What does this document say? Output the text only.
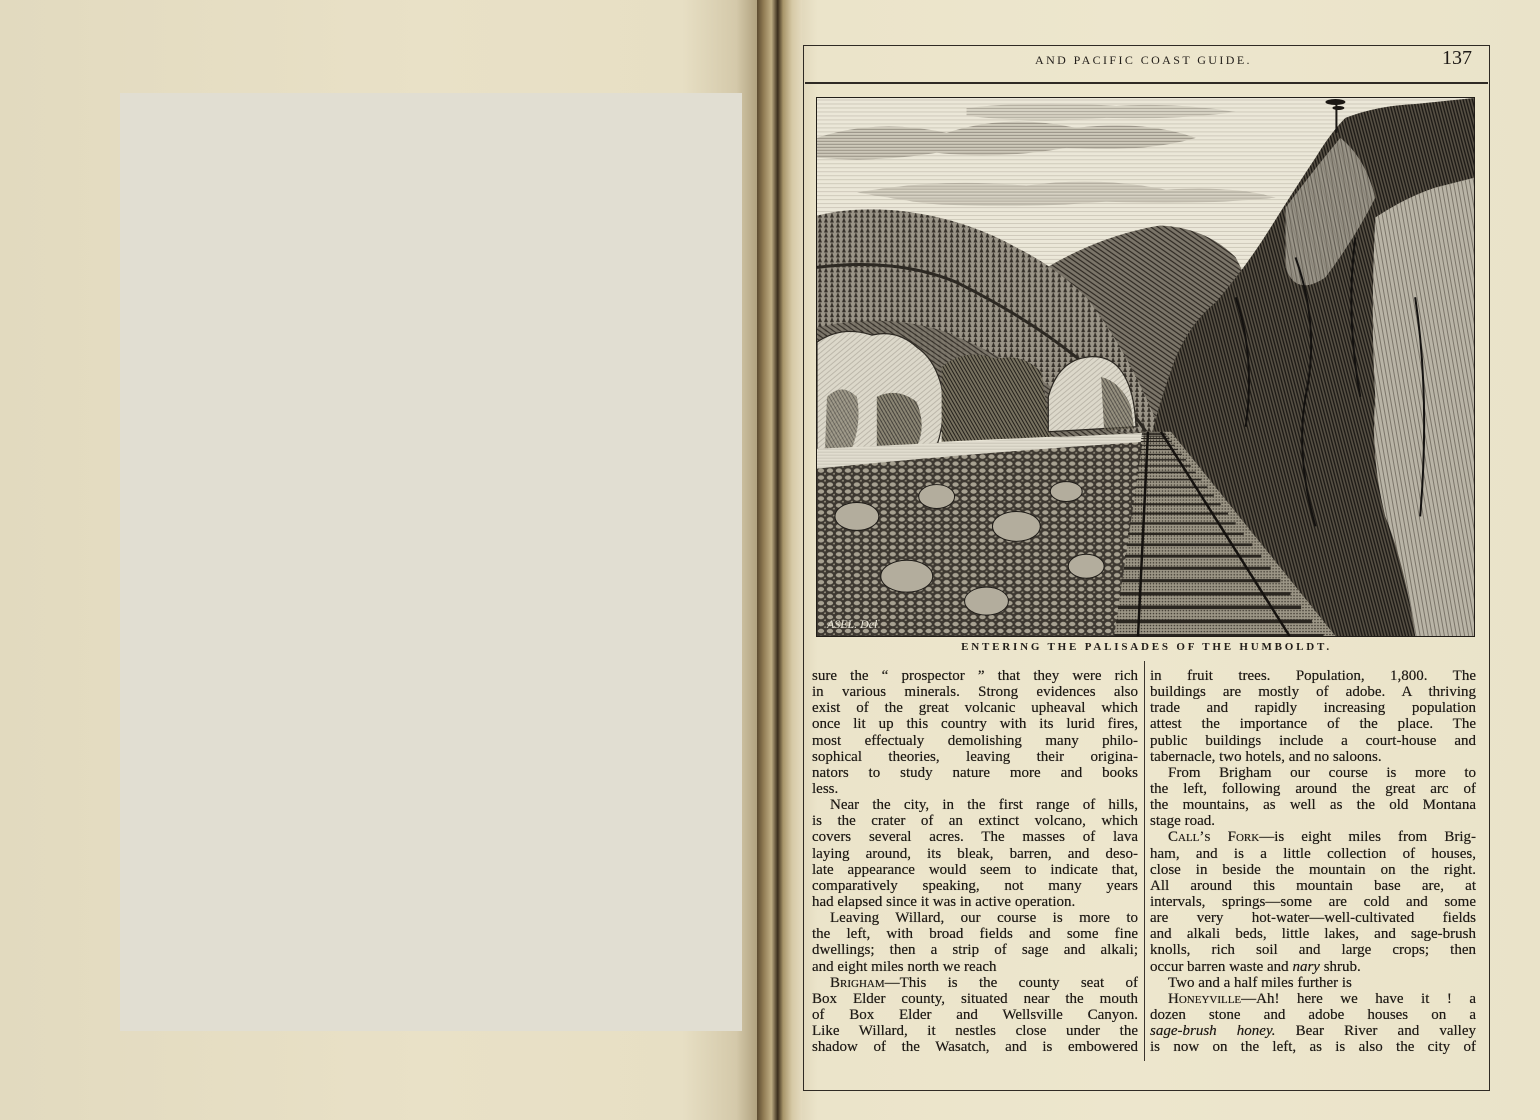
AND PACIFIC COAST GUIDE.	137
ASEL. Del
ENTERING THE PALISADES OF THE HUMBOLDT.
sure the “ prospector ” that they were rich
in various minerals. Strong evidences also
exist of the great volcanic upheaval which
once lit up this country with its lurid fires,
most effectualy demolishing many philo-
sophical theories, leaving their origina-
nators to study nature more and books
less.
Near the city, in the first range of hills,
is the crater of an extinct volcano, which
covers several acres. The masses of lava
laying around, its bleak, barren, and deso-
late appearance would seem to indicate that,
comparatively speaking, not many years
had elapsed since it was in active operation.
Leaving Willard, our course is more to
the left, with broad fields and some fine
dwellings; then a strip of sage and alkali;
and eight miles north we reach
Brigham—This is the county seat of
Box Elder county, situated near the mouth
of Box Elder and Wellsville Canyon.
Like Willard, it nestles close under the
shadow of the Wasatch, and is embowered
in fruit trees. Population, 1,800. The
buildings are mostly of adobe. A thriving
trade and rapidly increasing population
attest the importance of the place. The
public buildings include a court-house and
tabernacle, two hotels, and no saloons.
From Brigham our course is more to
the left, following around the great arc of
the mountains, as well as the old Montana
stage road.
Call’s Fork—is eight miles from Brig-
ham, and is a little collection of houses,
close in beside the mountain on the right.
All around this mountain base are, at
intervals, springs—some are cold and some
are very hot-water—well-cultivated fields
and alkali beds, little lakes, and sage-brush
knolls, rich soil and large crops; then
occur barren waste and nary shrub.
Two and a half miles further is
Honeyville—Ah! here we have it ! a
dozen stone and adobe houses on a
sage-brush honey. Bear River and valley
is now on the left, as is also the city of
